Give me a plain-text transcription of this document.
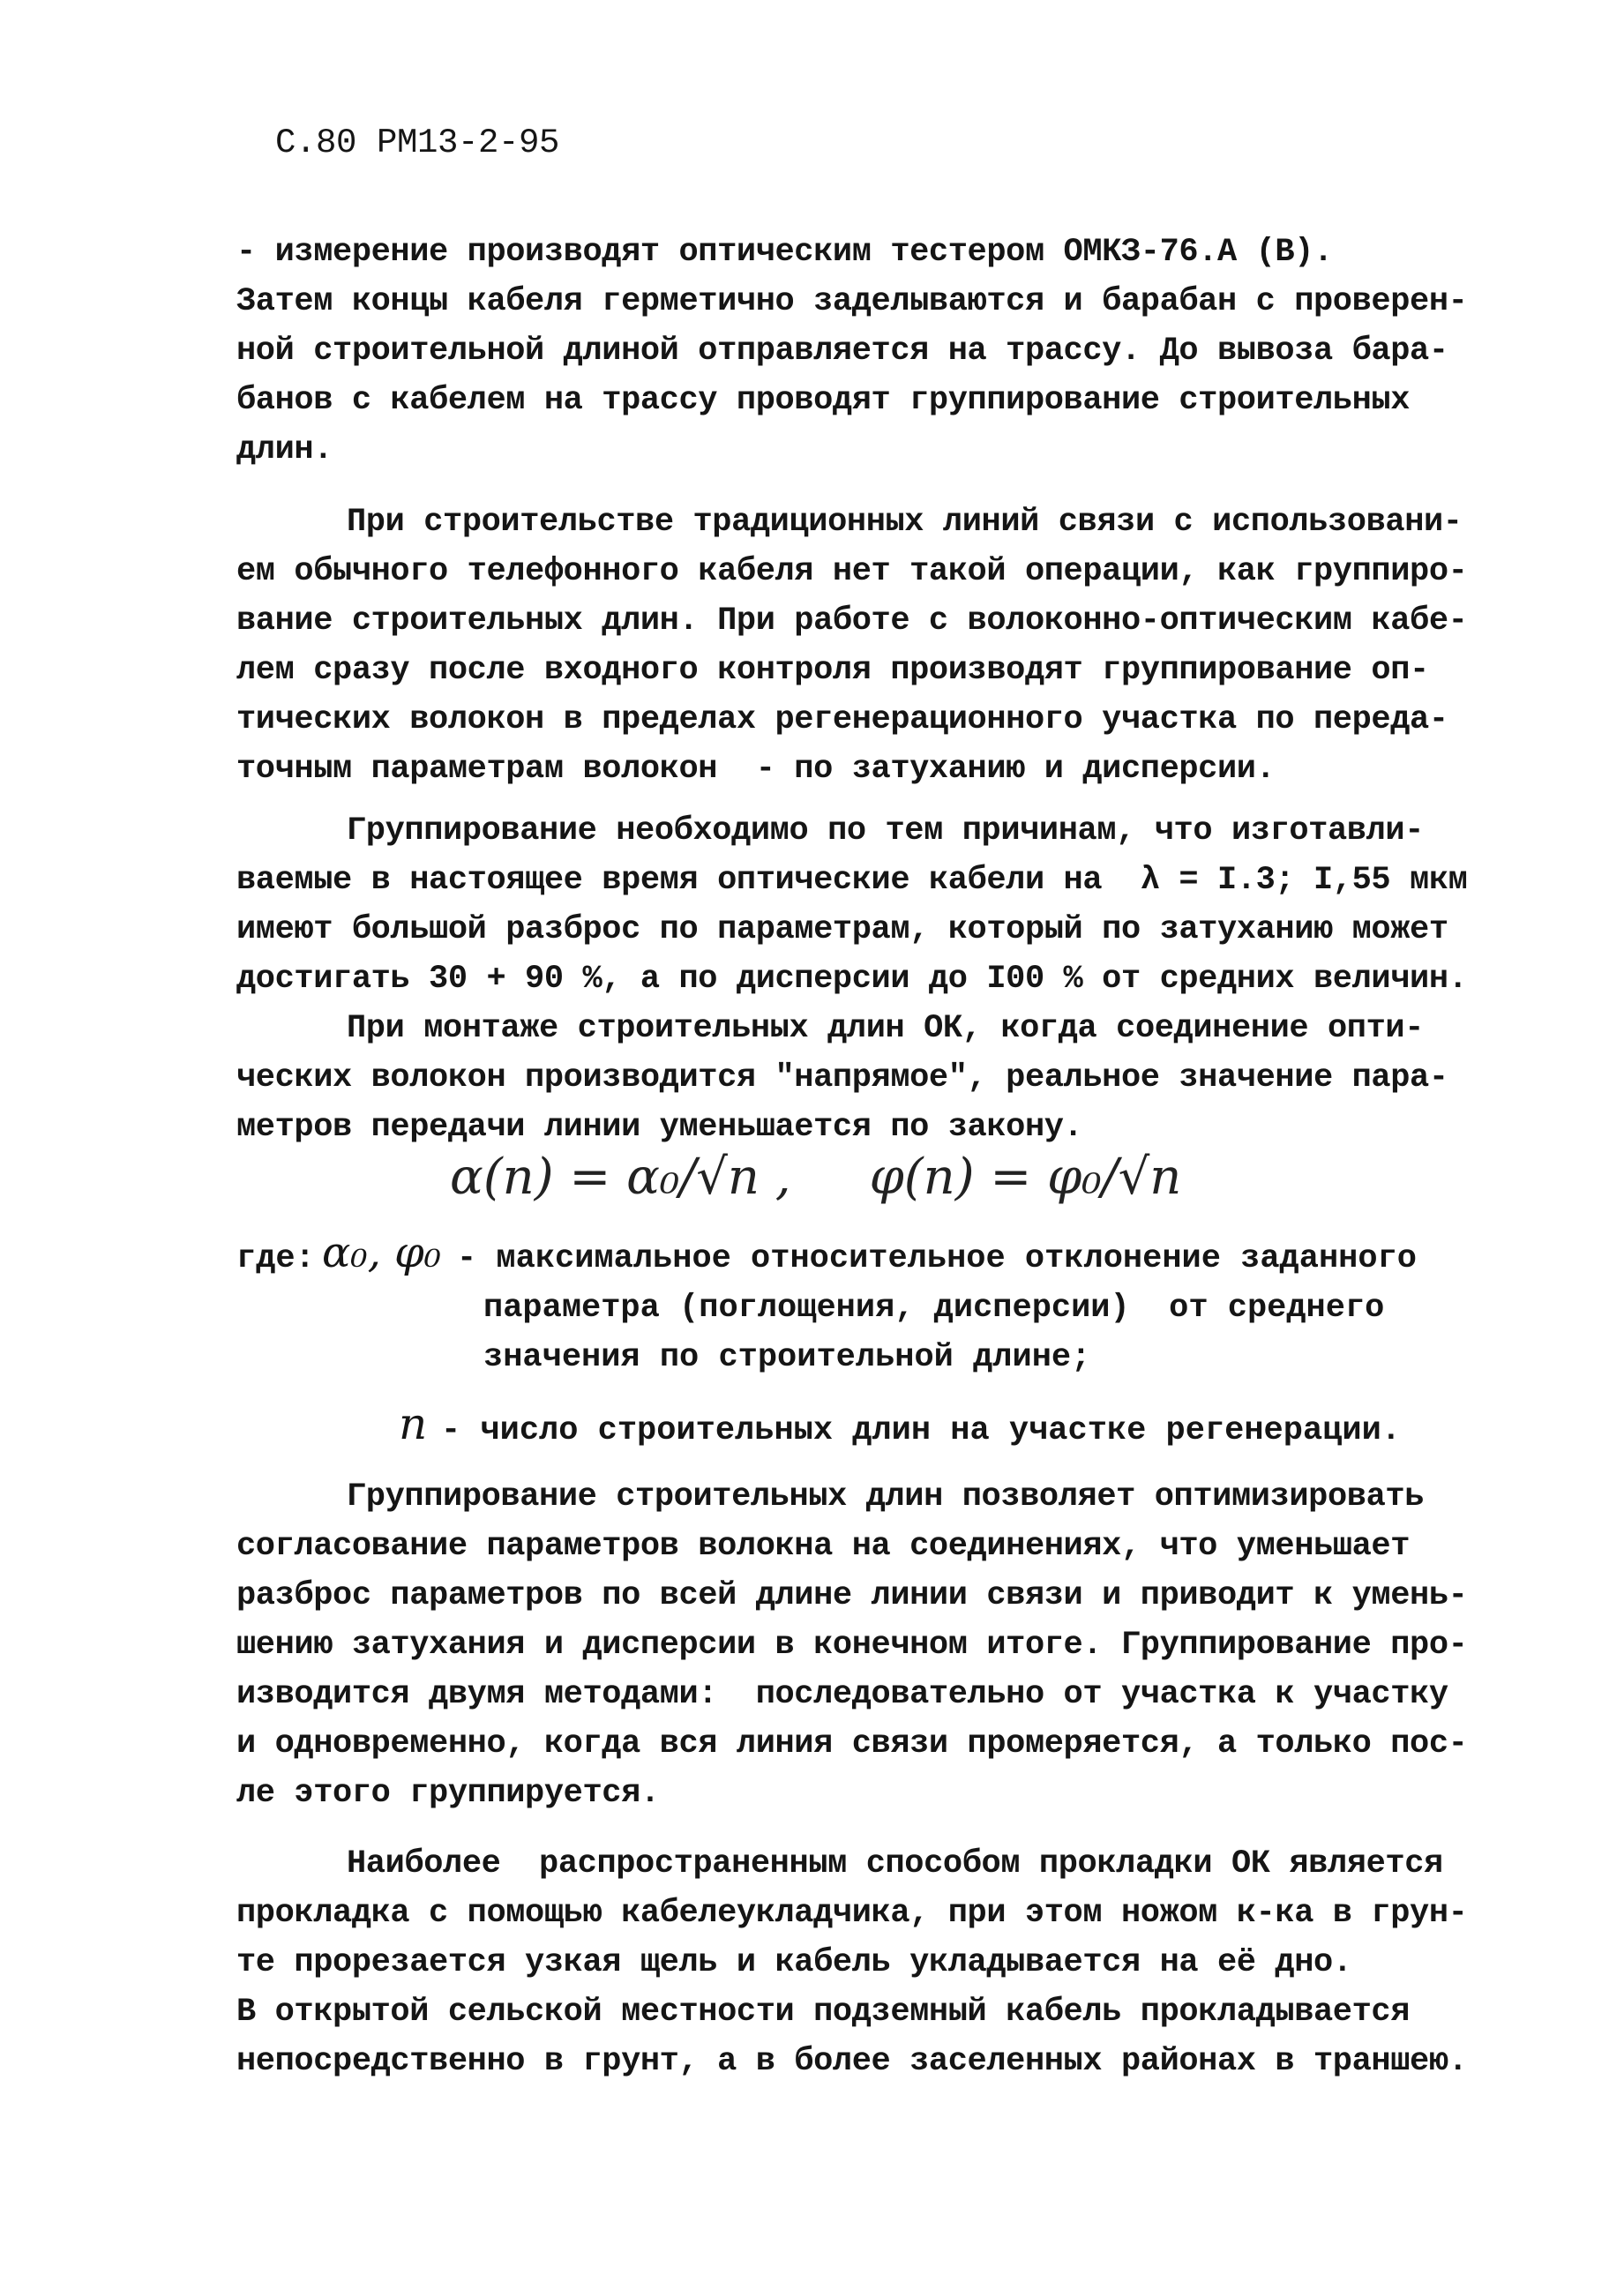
С.80 РМ13-2-95
- измерение производят оптическим тестером ОМКЗ-76.А (В).
Затем концы кабеля герметично заделываются и барабан с проверен-
ной строительной длиной отправляется на трассу. До вывоза бара-
банов с кабелем на трассу проводят группирование строительных
длин.
При строительстве традиционных линий связи с использовани-
ем обычного телефонного кабеля нет такой операции, как группиро-
вание строительных длин. При работе с волоконно-оптическим кабе-
лем сразу после входного контроля производят группирование оп-
тических волокон в пределах регенерационного участка по переда-
точным параметрам волокон  - по затуханию и дисперсии.
Группирование необходимо по тем причинам, что изготавли-
ваемые в настоящее время оптические кабели на  λ = I.3; I,55 мкм
имеют большой разброс по параметрам, который по затуханию может
достигать 30 + 90 %, а по дисперсии до I00 % от средних величин.
При монтаже строительных длин ОК, когда соединение опти-
ческих волокон производится "напрямое", реальное значение пара-
метров передачи линии уменьшается по закону.
α(n) = α₀/√n ,     φ(n) = φ₀/√n
где: α₀, φ₀ - максимальное относительное отклонение заданного
параметра (поглощения, дисперсии)  от среднего
значения по строительной длине;
n - число строительных длин на участке регенерации.
Группирование строительных длин позволяет оптимизировать
согласование параметров волокна на соединениях, что уменьшает
разброс параметров по всей длине линии связи и приводит к умень-
шению затухания и дисперсии в конечном итоге. Группирование про-
изводится двумя методами:  последовательно от участка к участку
и одновременно, когда вся линия связи промеряется, а только пос-
ле этого группируется.
Наиболее  распространенным способом прокладки ОК является
прокладка с помощью кабелеукладчика, при этом ножом к-ка в грун-
те прорезается узкая щель и кабель укладывается на её дно.
В открытой сельской местности подземный кабель прокладывается
непосредственно в грунт, а в более заселенных районах в траншею.
